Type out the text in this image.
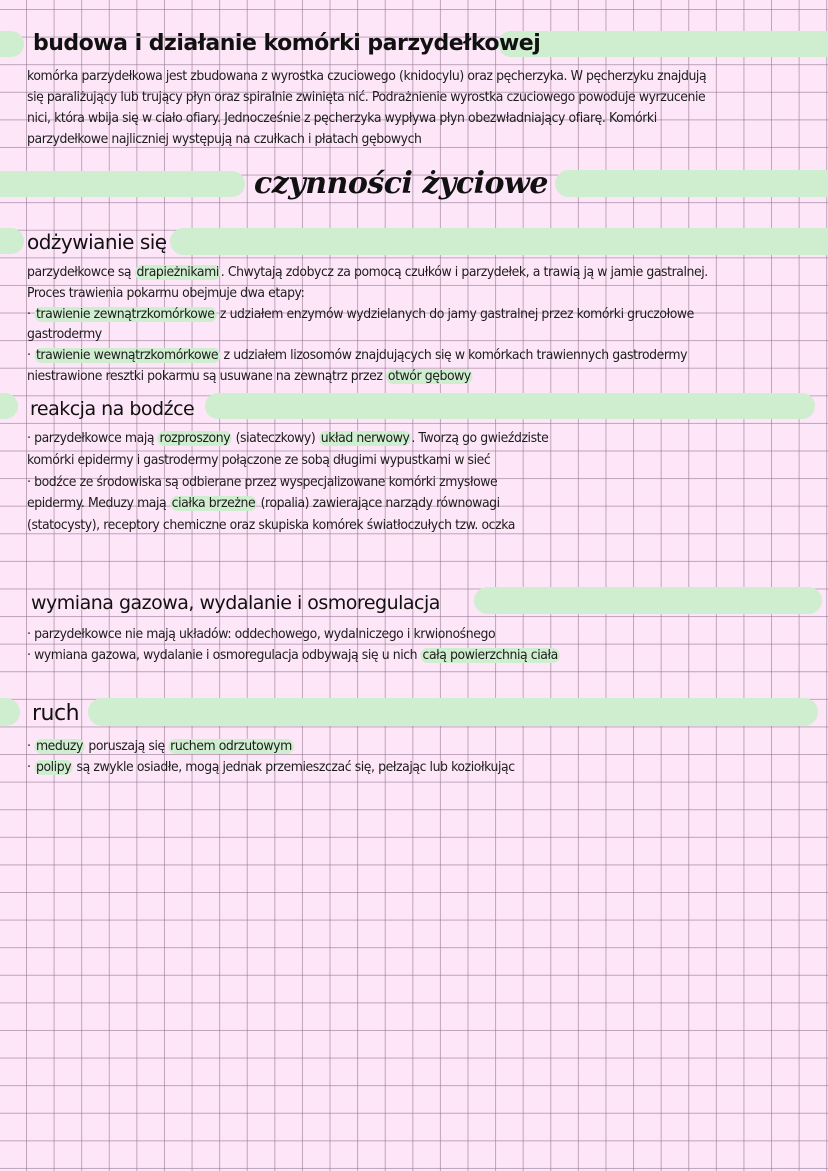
budowa i działanie komórki parzydełkowej
komórka parzydełkowa jest zbudowana z wyrostka czuciowego (knidocylu) oraz pęcherzyka. W pęcherzyku znajdują
się paraliżujący lub trujący płyn oraz spiralnie zwinięta nić. Podrażnienie wyrostka czuciowego powoduje wyrzucenie
nici, która wbija się w ciało ofiary. Jednocześnie z pęcherzyka wypływa płyn obezwładniający ofiarę. Komórki
parzydełkowe najliczniej występują na czułkach i płatach gębowych
czynności życiowe
odżywianie się
parzydełkowce są drapieżnikami . Chwytają zdobycz za pomocą czułków i parzydełek, a trawią ją w jamie gastralnej.
Proces trawienia pokarmu obejmuje dwa etapy:
· trawienie zewnątrzkomórkowe z udziałem enzymów wydzielanych do jamy gastralnej przez komórki gruczołowe
gastrodermy
· trawienie wewnątrzkomórkowe z udziałem lizosomów znajdujących się w komórkach trawiennych gastrodermy
niestrawione resztki pokarmu są usuwane na zewnątrz przez otwór gębowy
reakcja na bodźce
· parzydełkowce mają rozproszony (siateczkowy) układ nerwowy . Tworzą go gwieździste
komórki epidermy i gastrodermy połączone ze sobą długimi wypustkami w sieć
· bodźce ze środowiska są odbierane przez wyspecjalizowane komórki zmysłowe
epidermy. Meduzy mają ciałka brzeżne (ropalia) zawierające narządy równowagi
(statocysty), receptory chemiczne oraz skupiska komórek światłoczułych tzw. oczka
wymiana gazowa, wydalanie i osmoregulacja
· parzydełkowce nie mają układów: oddechowego, wydalniczego i krwionośnego
· wymiana gazowa, wydalanie i osmoregulacja odbywają się u nich całą powierzchnią ciała
ruch
· meduzy poruszają się ruchem odrzutowym
· polipy są zwykle osiadłe, mogą jednak przemieszczać się, pełzając lub koziołkując
